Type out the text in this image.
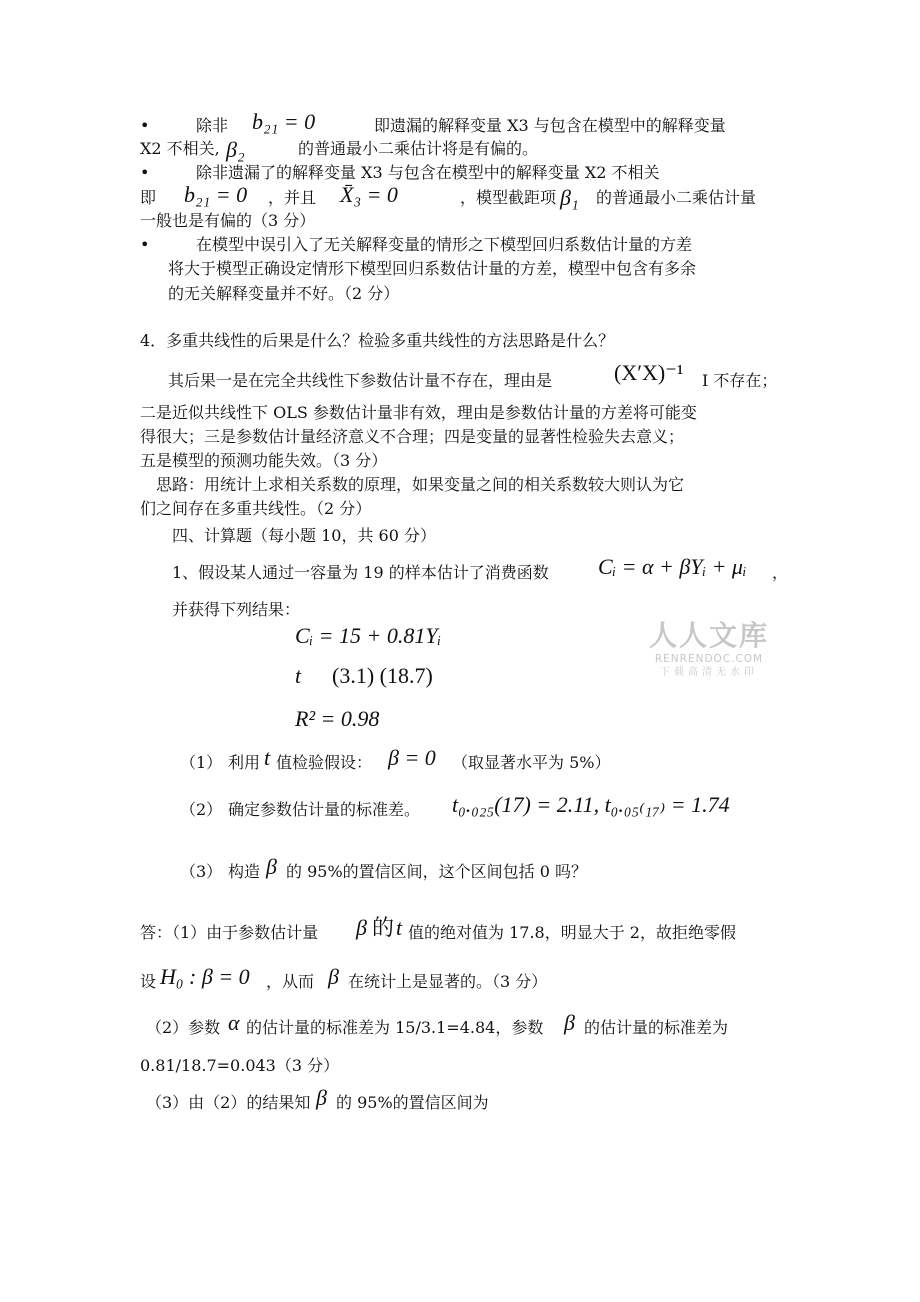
•	除非 b₂₁ = 0	即遗漏的解释变量 X3 与包含在模型中的解释变量
X2 不相关, β₂	的普通最小二乘估计将是有偏的。
•	除非遗漏了的解释变量 X3 与包含在模型中的解释变量 X2 不相关
即 b₂₁ = 0 ，并且 X̄₃ = 0	，模型截距项 β₁ 的普通最小二乘估计量
一般也是有偏的（3 分）
•	在模型中误引入了无关解释变量的情形之下模型回归系数估计量的方差
将大于模型正确设定情形下模型回归系数估计量的方差，模型中包含有多余
的无关解释变量并不好。（2 分）
4．多重共线性的后果是什么？检验多重共线性的方法思路是什么？
其后果一是在完全共线性下参数估计量不存在，理由是	(X′X)⁻¹ I 不存在；
二是近似共线性下 OLS 参数估计量非有效，理由是参数估计量的方差将可能变
得很大；三是参数估计量经济意义不合理；四是变量的显著性检验失去意义；
五是模型的预测功能失效。（3 分）
思路：用统计上求相关系数的原理，如果变量之间的相关系数较大则认为它
们之间存在多重共线性。（2 分）
四、计算题（每小题 10，共 60 分）
1、假设某人通过一容量为 19 的样本估计了消费函数 Cᵢ = α + βYᵢ + μᵢ ，
并获得下列结果：
Cᵢ = 15 + 0.81Yᵢ
t (3.1) (18.7)
R² = 0.98
（1） 利用 t 值检验假设： β = 0 （取显著水平为 5%）
（2） 确定参数估计量的标准差。 t₀.₀₂₅(17) = 2.11, t₀.₀₅₍₁₇₎ = 1.74
（3） 构造 β 的 95%的置信区间，这个区间包括 0 吗？
答：（1）由于参数估计量 β 的 t 值的绝对值为 17.8，明显大于 2，故拒绝零假
设 H₀ : β = 0 ，从而 β 在统计上是显著的。（3 分）
（2）参数 α 的估计量的标准差为 15/3.1=4.84，参数 β 的估计量的标准差为
0.81/18.7=0.043（3 分）
（3）由（2）的结果知 β 的 95%的置信区间为
人人文库
RENRENDOC.COM
下载高清无水印
